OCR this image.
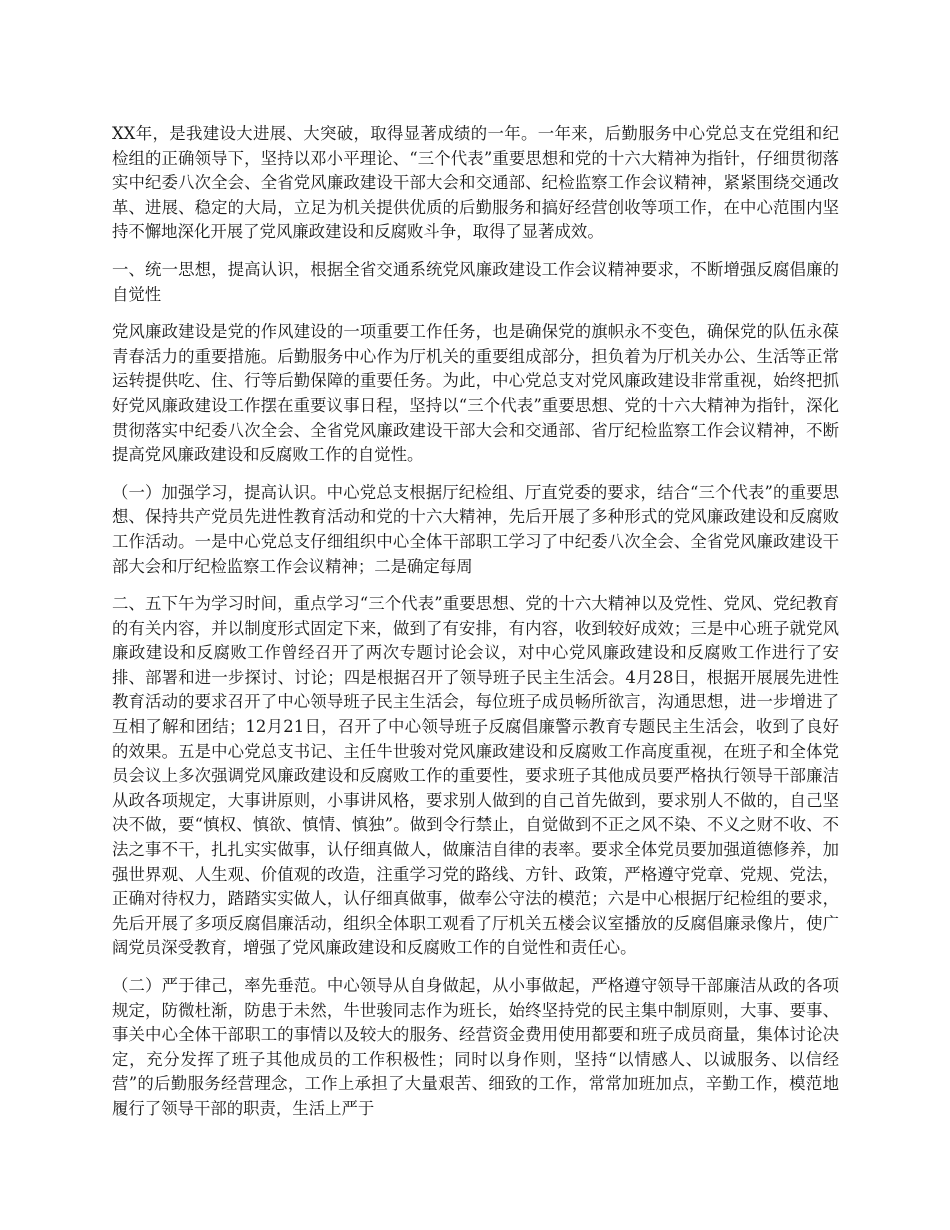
XX年，是我建设大进展、大突破，取得显著成绩的一年。一年来，后勤服务中心党总支在党组和纪检组的正确领导下，坚持以邓小平理论、“三个代表”重要思想和党的十六大精神为指针，仔细贯彻落实中纪委八次全会、全省党风廉政建设干部大会和交通部、纪检监察工作会议精神，紧紧围绕交通改革、进展、稳定的大局，立足为机关提供优质的后勤服务和搞好经营创收等项工作，在中心范围内坚持不懈地深化开展了党风廉政建设和反腐败斗争，取得了显著成效。

一、统一思想，提高认识，根据全省交通系统党风廉政建设工作会议精神要求，不断增强反腐倡廉的自觉性

党风廉政建设是党的作风建设的一项重要工作任务，也是确保党的旗帜永不变色，确保党的队伍永葆青春活力的重要措施。后勤服务中心作为厅机关的重要组成部分，担负着为厅机关办公、生活等正常运转提供吃、住、行等后勤保障的重要任务。为此，中心党总支对党风廉政建设非常重视，始终把抓好党风廉政建设工作摆在重要议事日程，坚持以“三个代表”重要思想、党的十六大精神为指针，深化贯彻落实中纪委八次全会、全省党风廉政建设干部大会和交通部、省厅纪检监察工作会议精神，不断提高党风廉政建设和反腐败工作的自觉性。

（一）加强学习，提高认识。中心党总支根据厅纪检组、厅直党委的要求，结合“三个代表”的重要思想、保持共产党员先进性教育活动和党的十六大精神，先后开展了多种形式的党风廉政建设和反腐败工作活动。一是中心党总支仔细组织中心全体干部职工学习了中纪委八次全会、全省党风廉政建设干部大会和厅纪检监察工作会议精神；二是确定每周

二、五下午为学习时间，重点学习“三个代表”重要思想、党的十六大精神以及党性、党风、党纪教育的有关内容，并以制度形式固定下来，做到了有安排，有内容，收到较好成效；三是中心班子就党风廉政建设和反腐败工作曾经召开了两次专题讨论会议，对中心党风廉政建设和反腐败工作进行了安排、部署和进一步探讨、讨论；四是根据召开了领导班子民主生活会。4月28日，根据开展展先进性教育活动的要求召开了中心领导班子民主生活会，每位班子成员畅所欲言，沟通思想，进一步增进了互相了解和团结；12月21日，召开了中心领导班子反腐倡廉警示教育专题民主生活会，收到了良好的效果。五是中心党总支书记、主任牛世骏对党风廉政建设和反腐败工作高度重视，在班子和全体党员会议上多次强调党风廉政建设和反腐败工作的重要性，要求班子其他成员要严格执行领导干部廉洁从政各项规定，大事讲原则，小事讲风格，要求别人做到的自己首先做到，要求别人不做的，自己坚决不做，要“慎权、慎欲、慎情、慎独”。做到令行禁止，自觉做到不正之风不染、不义之财不收、不法之事不干，扎扎实实做事，认仔细真做人，做廉洁自律的表率。要求全体党员要加强道德修养，加强世界观、人生观、价值观的改造，注重学习党的路线、方针、政策，严格遵守党章、党规、党法，正确对待权力，踏踏实实做人，认仔细真做事，做奉公守法的模范；六是中心根据厅纪检组的要求，先后开展了多项反腐倡廉活动，组织全体职工观看了厅机关五楼会议室播放的反腐倡廉录像片，使广阔党员深受教育，增强了党风廉政建设和反腐败工作的自觉性和责任心。

（二）严于律己，率先垂范。中心领导从自身做起，从小事做起，严格遵守领导干部廉洁从政的各项规定，防微杜渐，防患于未然，牛世骏同志作为班长，始终坚持党的民主集中制原则，大事、要事、事关中心全体干部职工的事情以及较大的服务、经营资金费用使用都要和班子成员商量，集体讨论决定，充分发挥了班子其他成员的工作积极性；同时以身作则，坚持“以情感人、以诚服务、以信经营”的后勤服务经营理念，工作上承担了大量艰苦、细致的工作，常常加班加点，辛勤工作，模范地履行了领导干部的职责，生活上严于
